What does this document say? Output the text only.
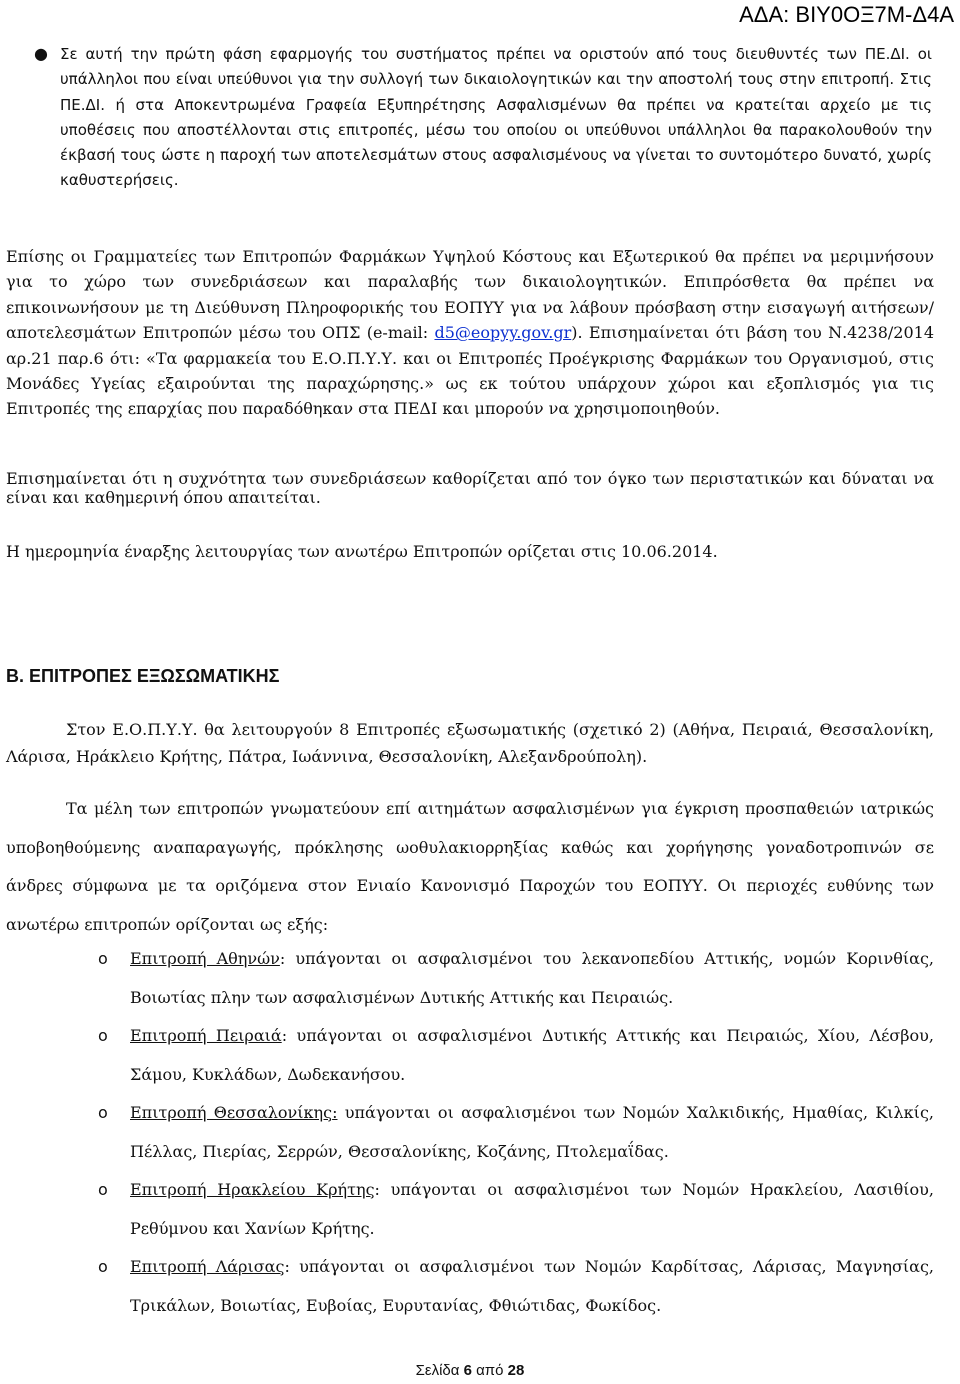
ΑΔΑ: ΒΙΥ0ΟΞ7Μ-Δ4Α
● Σε αυτή την πρώτη φάση εφαρμογής του συστήματος πρέπει να οριστούν από τους διευθυντές των ΠΕ.ΔΙ. οι υπάλληλοι που είναι υπεύθυνοι για την συλλογή των δικαιολογητικών και την αποστολή τους στην επιτροπή. Στις ΠΕ.ΔΙ. ή στα Αποκεντρωμένα Γραφεία Εξυπηρέτησης Ασφαλισμένων θα πρέπει να κρατείται αρχείο με τις υποθέσεις που αποστέλλονται στις επιτροπές, μέσω του οποίου οι υπεύθυνοι υπάλληλοι θα παρακολουθούν την έκβασή τους ώστε η παροχή των αποτελεσμάτων στους ασφαλισμένους να γίνεται το συντομότερο δυνατό, χωρίς καθυστερήσεις.
Επίσης οι Γραμματείες των Επιτροπών Φαρμάκων Υψηλού Κόστους και Εξωτερικού θα πρέπει να μεριμνήσουν για το χώρο των συνεδριάσεων και παραλαβής των δικαιολογητικών. Επιπρόσθετα θα πρέπει να επικοινωνήσουν με τη Διεύθυνση Πληροφορικής του ΕΟΠΥΥ για να λάβουν πρόσβαση στην εισαγωγή αιτήσεων/αποτελεσμάτων Επιτροπών μέσω του ΟΠΣ (e-mail: d5@eopyy.gov.gr). Επισημαίνεται ότι βάση του Ν.4238/2014 αρ.21 παρ.6 ότι: «Τα φαρμακεία του Ε.Ο.Π.Υ.Υ. και οι Επιτροπές Προέγκρισης Φαρμάκων του Οργανισμού, στις Μονάδες Υγείας εξαιρούνται της παραχώρησης.» ως εκ τούτου υπάρχουν χώροι και εξοπλισμός για τις Επιτροπές της επαρχίας που παραδόθηκαν στα ΠΕΔΙ και μπορούν να χρησιμοποιηθούν.
Επισημαίνεται ότι η συχνότητα των συνεδριάσεων καθορίζεται από τον όγκο των περιστατικών και δύναται να είναι και καθημερινή όπου απαιτείται.
Η ημερομηνία έναρξης λειτουργίας των ανωτέρω Επιτροπών ορίζεται στις 10.06.2014.
Β. ΕΠΙΤΡΟΠΕΣ ΕΞΩΣΩΜΑΤΙΚΗΣ
Στον Ε.Ο.Π.Υ.Υ. θα λειτουργούν 8 Επιτροπές εξωσωματικής (σχετικό 2) (Αθήνα, Πειραιά, Θεσσαλονίκη, Λάρισα, Ηράκλειο Κρήτης, Πάτρα, Ιωάννινα, Θεσσαλονίκη, Αλεξανδρούπολη).
Τα μέλη των επιτροπών γνωματεύουν επί αιτημάτων ασφαλισμένων για έγκριση προσπαθειών ιατρικώς υποβοηθούμενης αναπαραγωγής, πρόκλησης ωοθυλακιορρηξίας καθώς και χορήγησης γοναδοτροπινών σε άνδρες σύμφωνα με τα οριζόμενα στον Ενιαίο Κανονισμό Παροχών του ΕΟΠΥΥ. Οι περιοχές ευθύνης των ανωτέρω επιτροπών ορίζονται ως εξής:
o Επιτροπή Αθηνών: υπάγονται οι ασφαλισμένοι του λεκανοπεδίου Αττικής, νομών Κορινθίας, Βοιωτίας πλην των ασφαλισμένων Δυτικής Αττικής και Πειραιώς.
o Επιτροπή Πειραιά: υπάγονται οι ασφαλισμένοι Δυτικής Αττικής και Πειραιώς, Χίου, Λέσβου, Σάμου, Κυκλάδων, Δωδεκανήσου.
o Επιτροπή Θεσσαλονίκης: υπάγονται οι ασφαλισμένοι των Νομών Χαλκιδικής, Ημαθίας, Κιλκίς, Πέλλας, Πιερίας, Σερρών, Θεσσαλονίκης, Κοζάνης, Πτολεμαΐδας.
o Επιτροπή Ηρακλείου Κρήτης: υπάγονται οι ασφαλισμένοι των Νομών Ηρακλείου, Λασιθίου, Ρεθύμνου και Χανίων Κρήτης.
o Επιτροπή Λάρισας: υπάγονται οι ασφαλισμένοι των Νομών Καρδίτσας, Λάρισας, Μαγνησίας, Τρικάλων, Βοιωτίας, Ευβοίας, Ευρυτανίας, Φθιώτιδας, Φωκίδος.
Σελίδα 6 από 28
